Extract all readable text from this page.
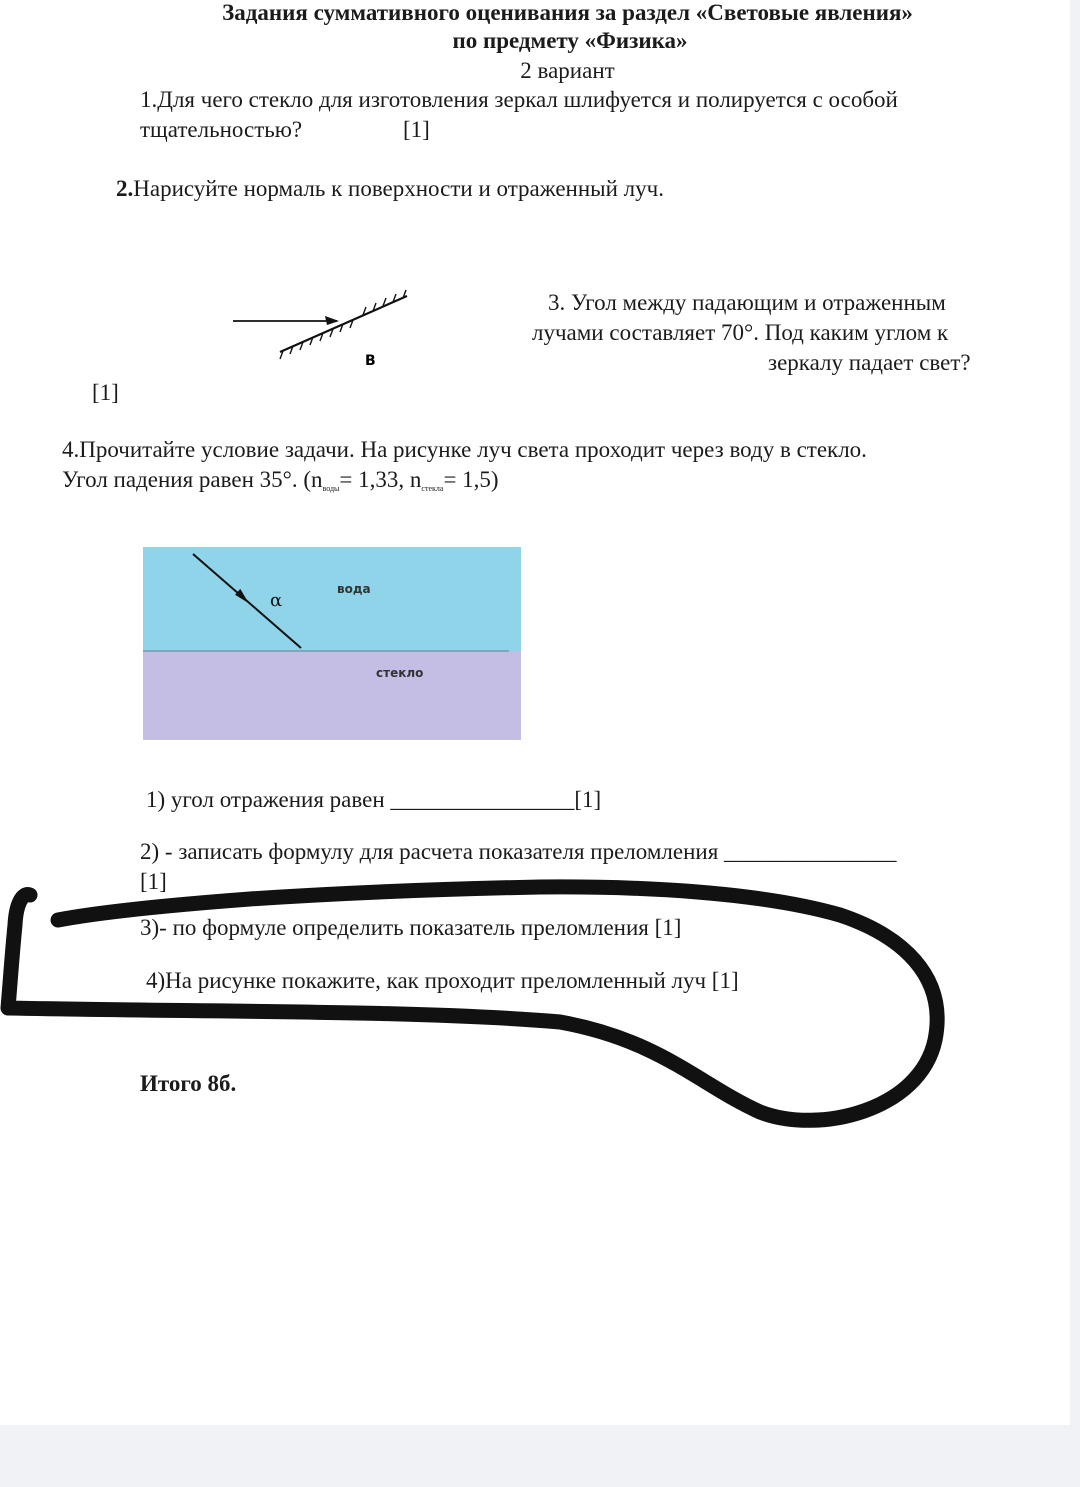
Задания суммативного оценивания за раздел «Световые явления»
по предмету «Физика»
2 вариант
1.Для чего стекло для изготовления зеркал шлифуется и полируется с особой
тщательностью?	[1]
2.Нарисуйте нормаль к поверхности и отраженный луч.
B
[1]
3. Угол между падающим и отраженным
лучами составляет 70°. Под каким углом к
зеркалу падает свет?
4.Прочитайте условие задачи. На рисунке луч света проходит через воду в стекло.
Угол падения равен 35°. ($n_{воды}= 1,33$, $n_{стекла}= 1,5$)
α
вода
стекло
1) угол отражения равен ________________[1]
2) - записать формулу для расчета показателя преломления _______________
[1]
3)- по формуле определить показатель преломления [1]
4)На рисунке покажите, как проходит преломленный луч [1]
Итого 8б.
